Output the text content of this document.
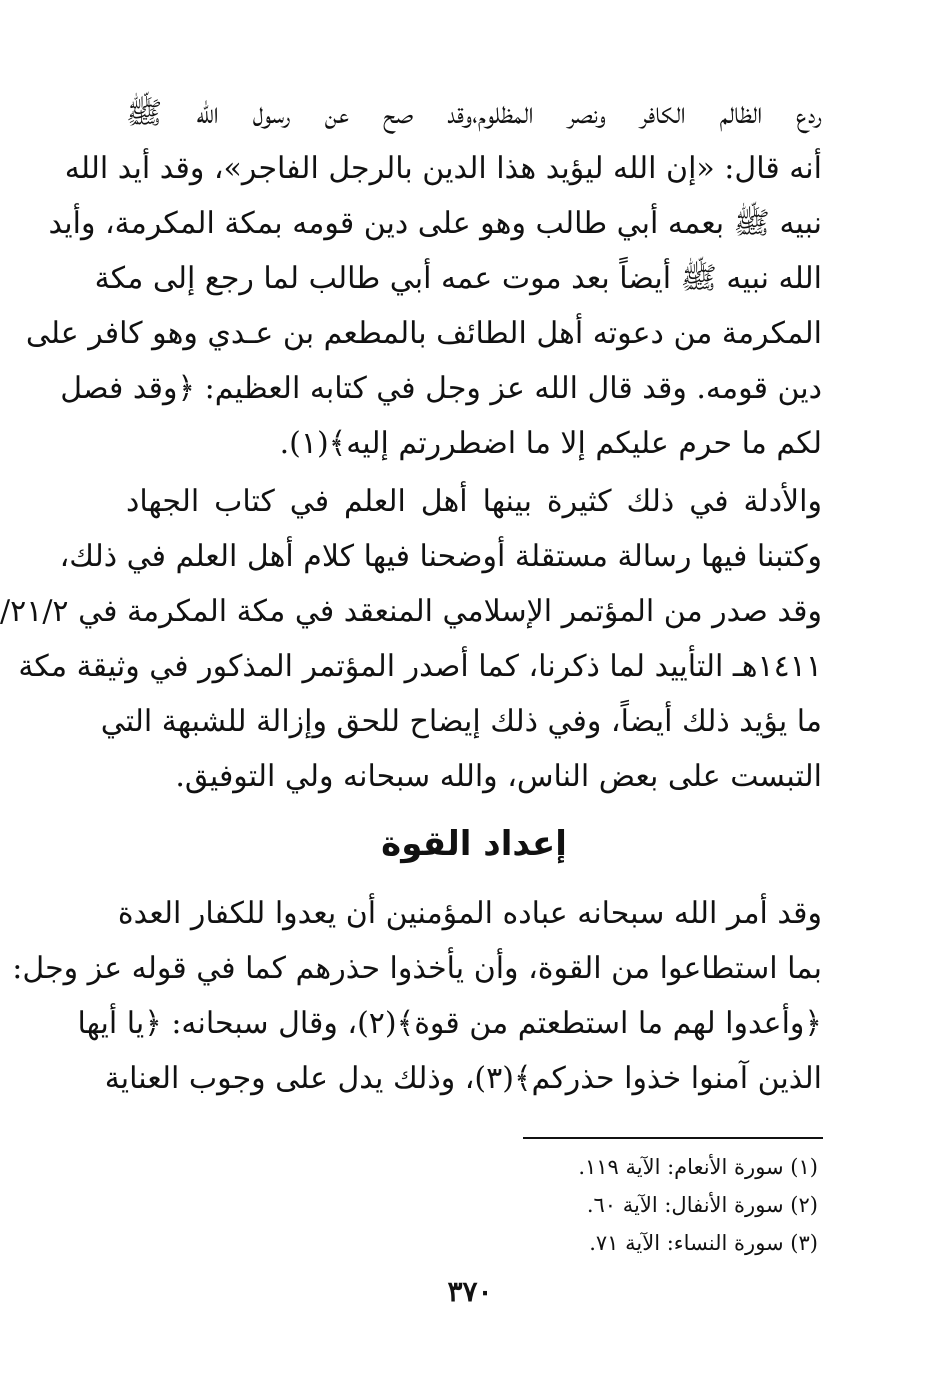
ردع الظالم الكافر ونصر المظلوم،وقد صح عن رسول الله ﷺ
أنه قال: «إن الله ليؤيد هذا الدين بالرجل الفاجر»، وقد أيد الله
نبيه ﷺ بعمه أبي طالب وهو على دين قومه بمكة المكرمة، وأيد
الله نبيه ﷺ أيضاً بعد موت عمه أبي طالب لما رجع إلى مكة
المكرمة من دعوته أهل الطائف بالمطعم بن عـدي وهو كافر على
دين قومه. وقد قال الله عز وجل في كتابه العظيم: ﴿وقد فصل
لكم ما حرم عليكم إلا ما اضطررتم إليه﴾(١).
والأدلة في ذلك كثيرة بينها أهل العلم في كتاب الجهاد
وكتبنا فيها رسالة مستقلة أوضحنا فيها كلام أهل العلم في ذلك،
وقد صدر من المؤتمر الإسلامي المنعقد في مكة المكرمة في ٢١/٢/
١٤١١هـ التأييد لما ذكرنا، كما أصدر المؤتمر المذكور في وثيقة مكة
ما يؤيد ذلك أيضاً، وفي ذلك إيضاح للحق وإزالة للشبهة التي
التبست على بعض الناس، والله سبحانه ولي التوفيق.
إعداد القوة
وقد أمر الله سبحانه عباده المؤمنين أن يعدوا للكفار العدة
بما استطاعوا من القوة، وأن يأخذوا حذرهم كما في قوله عز وجل:
﴿وأعدوا لهم ما استطعتم من قوة﴾(٢)، وقال سبحانه: ﴿يا أيها
الذين آمنوا خذوا حذركم﴾(٣)، وذلك يدل على وجوب العناية
(١) سورة الأنعام: الآية ١١٩.
(٢) سورة الأنفال: الآية ٦٠.
(٣) سورة النساء: الآية ٧١.
٣٧٠
